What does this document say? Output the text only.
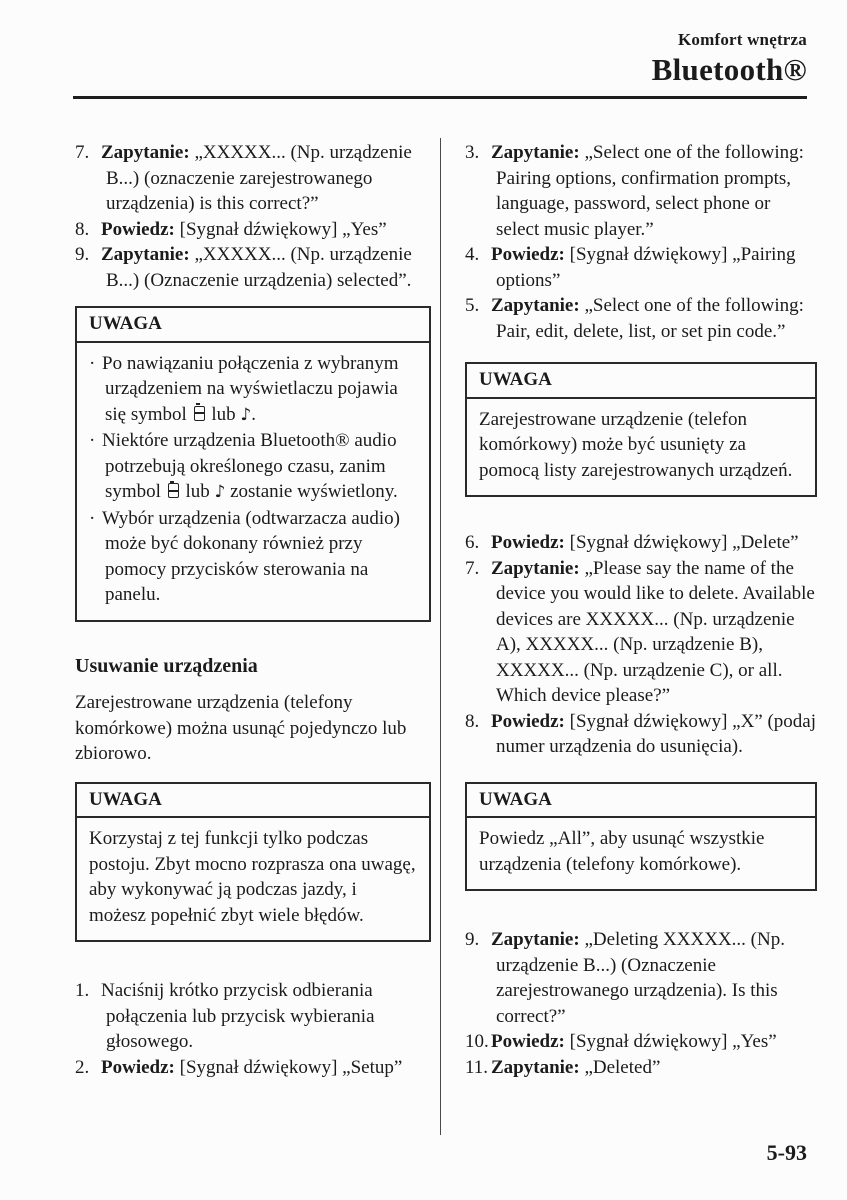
Komfort wnętrza
Bluetooth®
7. Zapytanie: „XXXXX... (Np. urządzenie B...) (oznaczenie zarejestrowanego urządzenia) is this correct?”
8. Powiedz: [Sygnał dźwiękowy] „Yes”
9. Zapytanie: „XXXXX... (Np. urządzenie B...) (Oznaczenie urządzenia) selected”.
UWAGA
· Po nawiązaniu połączenia z wybranym urządzeniem na wyświetlaczu pojawia się symbol lub ♪.
· Niektóre urządzenia Bluetooth® audio potrzebują określonego czasu, zanim symbol lub ♪ zostanie wyświetlony.
· Wybór urządzenia (odtwarzacza audio) może być dokonany również przy pomocy przycisków sterowania na panelu.
Usuwanie urządzenia
Zarejestrowane urządzenia (telefony komórkowe) można usunąć pojedynczo lub zbiorowo.
UWAGA
Korzystaj z tej funkcji tylko podczas postoju. Zbyt mocno rozprasza ona uwagę, aby wykonywać ją podczas jazdy, i możesz popełnić zbyt wiele błędów.
1. Naciśnij krótko przycisk odbierania połączenia lub przycisk wybierania głosowego.
2. Powiedz: [Sygnał dźwiękowy] „Setup”
3. Zapytanie: „Select one of the following: Pairing options, confirmation prompts, language, password, select phone or select music player.”
4. Powiedz: [Sygnał dźwiękowy] „Pairing options”
5. Zapytanie: „Select one of the following: Pair, edit, delete, list, or set pin code.”
UWAGA
Zarejestrowane urządzenie (telefon komórkowy) może być usunięty za pomocą listy zarejestrowanych urządzeń.
6. Powiedz: [Sygnał dźwiękowy] „Delete”
7. Zapytanie: „Please say the name of the device you would like to delete. Available devices are XXXXX... (Np. urządzenie A), XXXXX... (Np. urządzenie B), XXXXX... (Np. urządzenie C), or all. Which device please?”
8. Powiedz: [Sygnał dźwiękowy] „X” (podaj numer urządzenia do usunięcia).
UWAGA
Powiedz „All”, aby usunąć wszystkie urządzenia (telefony komórkowe).
9. Zapytanie: „Deleting XXXXX... (Np. urządzenie B...) (Oznaczenie zarejestrowanego urządzenia). Is this correct?”
10. Powiedz: [Sygnał dźwiękowy] „Yes”
11. Zapytanie: „Deleted”
5-93
